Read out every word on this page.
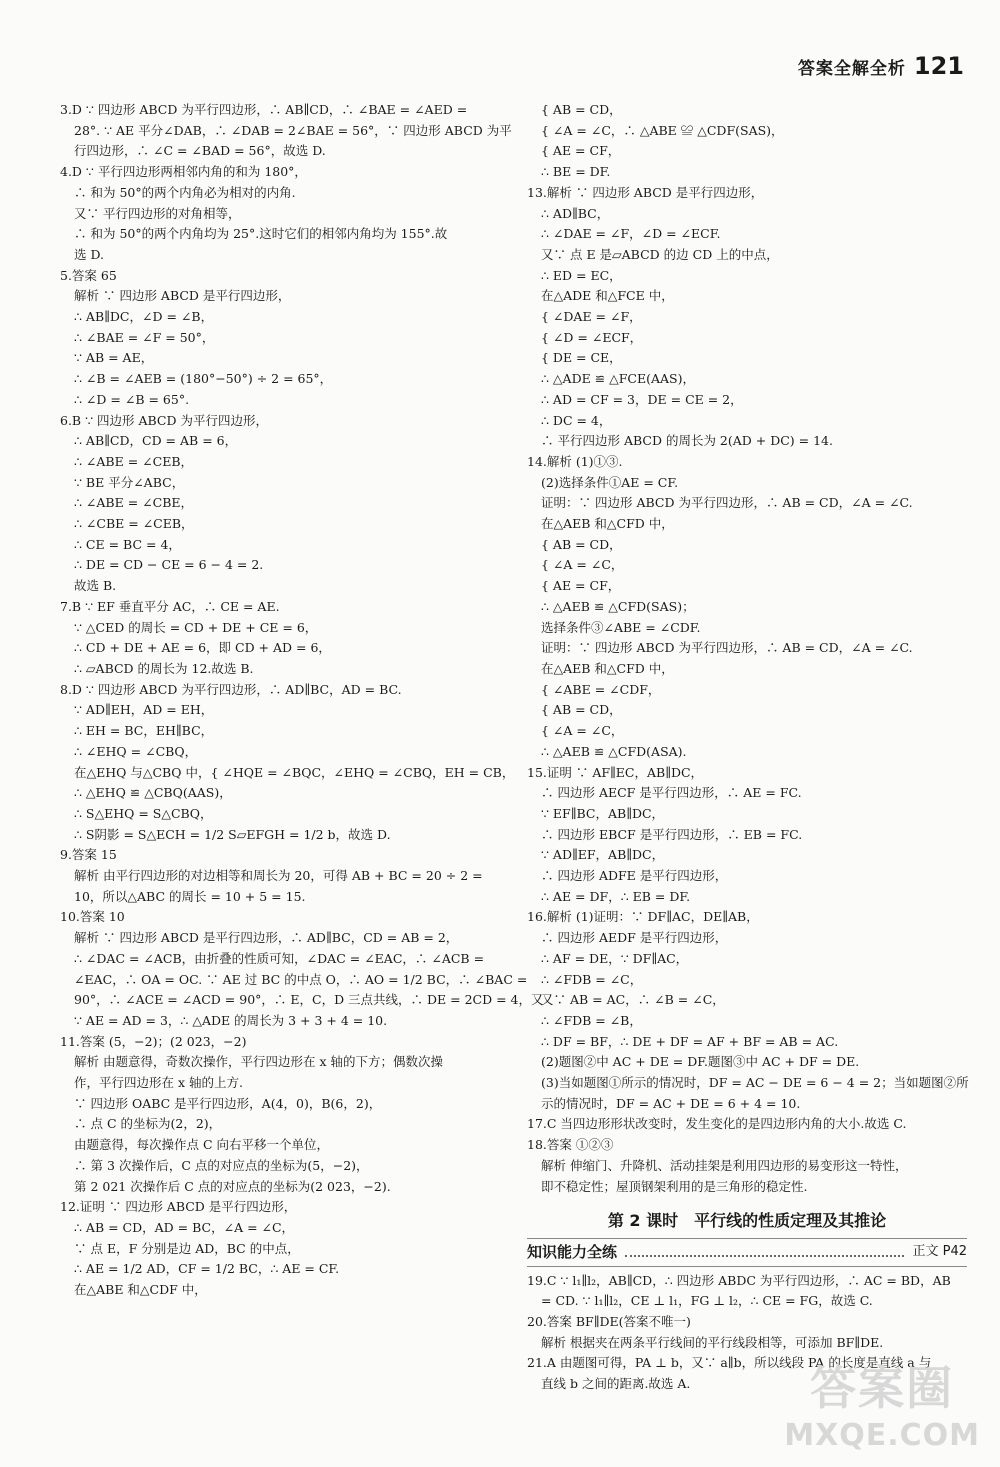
答案全解全析 121
3.D ∵ 四边形 ABCD 为平行四边形，∴ AB∥CD，∴ ∠BAE = ∠AED =
28°. ∵ AE 平分∠DAB，∴ ∠DAB = 2∠BAE = 56°，∵ 四边形 ABCD 为平
行四边形，∴ ∠C = ∠BAD = 56°，故选 D.
4.D ∵ 平行四边形两相邻内角的和为 180°，
∴ 和为 50°的两个内角必为相对的内角.
又∵ 平行四边形的对角相等，
∴ 和为 50°的两个内角均为 25°.这时它们的相邻内角均为 155°.故
选 D.
5.答案 65
解析 ∵ 四边形 ABCD 是平行四边形，
∴ AB∥DC，∠D = ∠B，
∴ ∠BAE = ∠F = 50°，
∵ AB = AE，
∴ ∠B = ∠AEB = (180°−50°) ÷ 2 = 65°，
∴ ∠D = ∠B = 65°.
6.B ∵ 四边形 ABCD 为平行四边形，
∴ AB∥CD，CD = AB = 6，
∴ ∠ABE = ∠CEB，
∵ BE 平分∠ABC，
∴ ∠ABE = ∠CBE，
∴ ∠CBE = ∠CEB，
∴ CE = BC = 4，
∴ DE = CD − CE = 6 − 4 = 2.
故选 B.
7.B ∵ EF 垂直平分 AC，∴ CE = AE.
∵ △CED 的周长 = CD + DE + CE = 6，
∴ CD + DE + AE = 6，即 CD + AD = 6，
∴ ▱ABCD 的周长为 12.故选 B.
8.D ∵ 四边形 ABCD 为平行四边形，∴ AD∥BC，AD = BC.
∵ AD∥EH，AD = EH，
∴ EH = BC，EH∥BC，
∴ ∠EHQ = ∠CBQ，
在△EHQ 与△CBQ 中，{ ∠HQE = ∠BQC，∠EHQ = ∠CBQ，EH = CB，
∴ △EHQ ≌ △CBQ(AAS)，
∴ S△EHQ = S△CBQ，
∴ S阴影 = S△ECH = 1/2 S▱EFGH = 1/2 b，故选 D.
9.答案 15
解析 由平行四边形的对边相等和周长为 20，可得 AB + BC = 20 ÷ 2 =
10，所以△ABC 的周长 = 10 + 5 = 15.
10.答案 10
解析 ∵ 四边形 ABCD 是平行四边形，∴ AD∥BC，CD = AB = 2，
∴ ∠DAC = ∠ACB，由折叠的性质可知，∠DAC = ∠EAC，∴ ∠ACB =
∠EAC，∴ OA = OC. ∵ AE 过 BC 的中点 O，∴ AO = 1/2 BC，∴ ∠BAC =
90°，∴ ∠ACE = ∠ACD = 90°，∴ E，C，D 三点共线，∴ DE = 2CD = 4，又
∵ AE = AD = 3，∴ △ADE 的周长为 3 + 3 + 4 = 10.
11.答案 (5，−2)；(2 023，−2)
解析 由题意得，奇数次操作，平行四边形在 x 轴的下方；偶数次操
作，平行四边形在 x 轴的上方.
∵ 四边形 OABC 是平行四边形，A(4，0)，B(6，2)，
∴ 点 C 的坐标为(2，2)，
由题意得，每次操作点 C 向右平移一个单位，
∴ 第 3 次操作后，C 点的对应点的坐标为(5，−2)，
第 2 021 次操作后 C 点的对应点的坐标为(2 023，−2).
12.证明 ∵ 四边形 ABCD 是平行四边形，
∴ AB = CD，AD = BC，∠A = ∠C，
∵ 点 E，F 分别是边 AD，BC 的中点，
∴ AE = 1/2 AD，CF = 1/2 BC，∴ AE = CF.
在△ABE 和△CDF 中，
{ AB = CD，
{ ∠A = ∠C，∴ △ABE ≌ △CDF(SAS)，
{ AE = CF，
∴ BE = DF.
13.解析 ∵ 四边形 ABCD 是平行四边形，
∴ AD∥BC，
∴ ∠DAE = ∠F，∠D = ∠ECF.
又∵ 点 E 是▱ABCD 的边 CD 上的中点，
∴ ED = EC，
在△ADE 和△FCE 中，
{ ∠DAE = ∠F，
{ ∠D = ∠ECF，
{ DE = CE，
∴ △ADE ≌ △FCE(AAS)，
∴ AD = CF = 3，DE = CE = 2，
∴ DC = 4，
∴ 平行四边形 ABCD 的周长为 2(AD + DC) = 14.
14.解析 (1)①③.
(2)选择条件①AE = CF.
证明：∵ 四边形 ABCD 为平行四边形，∴ AB = CD，∠A = ∠C.
在△AEB 和△CFD 中，
{ AB = CD，
{ ∠A = ∠C，
{ AE = CF，
∴ △AEB ≌ △CFD(SAS)；
选择条件③∠ABE = ∠CDF.
证明：∵ 四边形 ABCD 为平行四边形，∴ AB = CD，∠A = ∠C.
在△AEB 和△CFD 中，
{ ∠ABE = ∠CDF，
{ AB = CD，
{ ∠A = ∠C，
∴ △AEB ≌ △CFD(ASA).
15.证明 ∵ AF∥EC，AB∥DC，
∴ 四边形 AECF 是平行四边形，∴ AE = FC.
∵ EF∥BC，AB∥DC，
∴ 四边形 EBCF 是平行四边形，∴ EB = FC.
∵ AD∥EF，AB∥DC，
∴ 四边形 ADFE 是平行四边形，
∴ AE = DF，∴ EB = DF.
16.解析 (1)证明：∵ DF∥AC，DE∥AB，
∴ 四边形 AEDF 是平行四边形，
∴ AF = DE，∵ DF∥AC，
∴ ∠FDB = ∠C，
又∵ AB = AC，∴ ∠B = ∠C，
∴ ∠FDB = ∠B，
∴ DF = BF，∴ DE + DF = AF + BF = AB = AC.
(2)题图②中 AC + DE = DF.题图③中 AC + DF = DE.
(3)当如题图①所示的情况时，DF = AC − DE = 6 − 4 = 2；当如题图②所
示的情况时，DF = AC + DE = 6 + 4 = 10.
17.C 当四边形形状改变时，发生变化的是四边形内角的大小.故选 C.
18.答案 ①②③
解析 伸缩门、升降机、活动挂架是利用四边形的易变形这一特性，
即不稳定性；屋顶钢架利用的是三角形的稳定性.
第 2 课时　平行线的性质定理及其推论
知识能力全练	正文 P42
19.C ∵ l₁∥l₂，AB∥CD，∴ 四边形 ABDC 为平行四边形，∴ AC = BD，AB
= CD. ∵ l₁∥l₂，CE ⊥ l₁，FG ⊥ l₂，∴ CE = FG，故选 C.
20.答案 BF∥DE(答案不唯一)
解析 根据夹在两条平行线间的平行线段相等，可添加 BF∥DE.
21.A 由题图可得，PA ⊥ b，又∵ a∥b，所以线段 PA 的长度是直线 a 与
直线 b 之间的距离.故选 A.	答案圈
MXQE.COM
